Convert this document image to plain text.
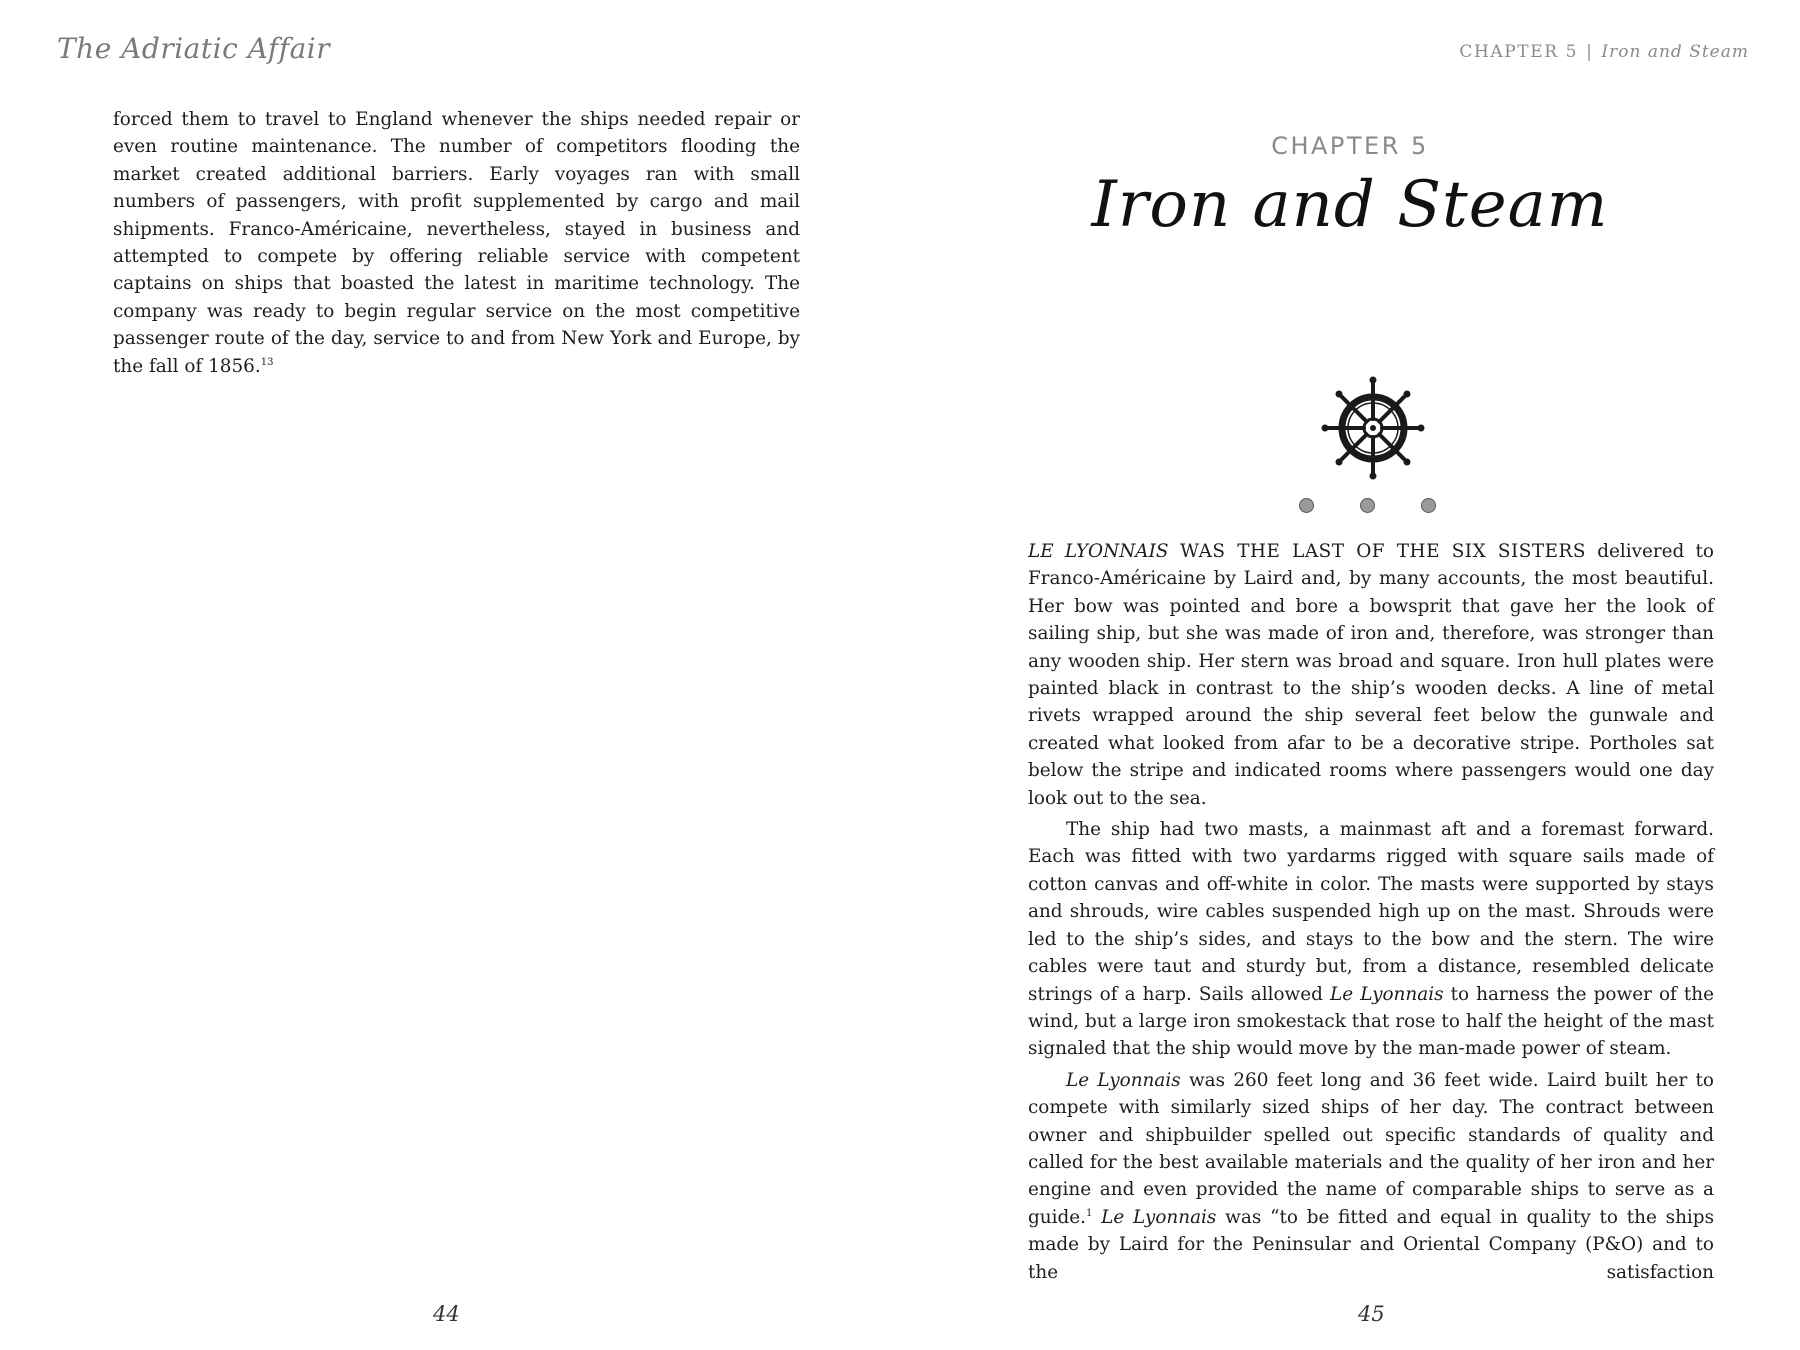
The Adriatic Affair

forced them to travel to England whenever the ships needed repair or even routine maintenance. The number of competitors flooding the market created additional barriers. Early voyages ran with small numbers of passengers, with profit supplemented by cargo and mail shipments. Franco-Américaine, nevertheless, stayed in business and attempted to compete by offering reliable service with competent captains on ships that boasted the latest in maritime technology. The company was ready to begin regular service on the most competitive passenger route of the day, service to and from New York and Europe, by the fall of 1856.13

44
CHAPTER 5 | Iron and Steam
CHAPTER 5
Iron and Steam

LE LYONNAIS WAS THE LAST OF THE SIX SISTERS delivered to Franco-Américaine by Laird and, by many accounts, the most beautiful. Her bow was pointed and bore a bowsprit that gave her the look of sailing ship, but she was made of iron and, therefore, was stronger than any wooden ship. Her stern was broad and square. Iron hull plates were painted black in contrast to the ship’s wooden decks. A line of metal rivets wrapped around the ship several feet below the gunwale and created what looked from afar to be a decorative stripe. Portholes sat below the stripe and indicated rooms where passengers would one day look out to the sea.

The ship had two masts, a mainmast aft and a foremast forward. Each was fitted with two yardarms rigged with square sails made of cotton canvas and off-white in color. The masts were supported by stays and shrouds, wire cables suspended high up on the mast. Shrouds were led to the ship’s sides, and stays to the bow and the stern. The wire cables were taut and sturdy but, from a distance, resembled delicate strings of a harp. Sails allowed Le Lyonnais to harness the power of the wind, but a large iron smokestack that rose to half the height of the mast signaled that the ship would move by the man-made power of steam.

Le Lyonnais was 260 feet long and 36 feet wide. Laird built her to compete with similarly sized ships of her day. The contract between owner and shipbuilder spelled out specific standards of quality and called for the best available materials and the quality of her iron and her engine and even provided the name of comparable ships to serve as a guide.$^1$ Le Lyonnais was “to be fitted and equal in quality to the ships made by Laird for the Peninsular and Oriental Company (P&O) and to the satisfaction

45
